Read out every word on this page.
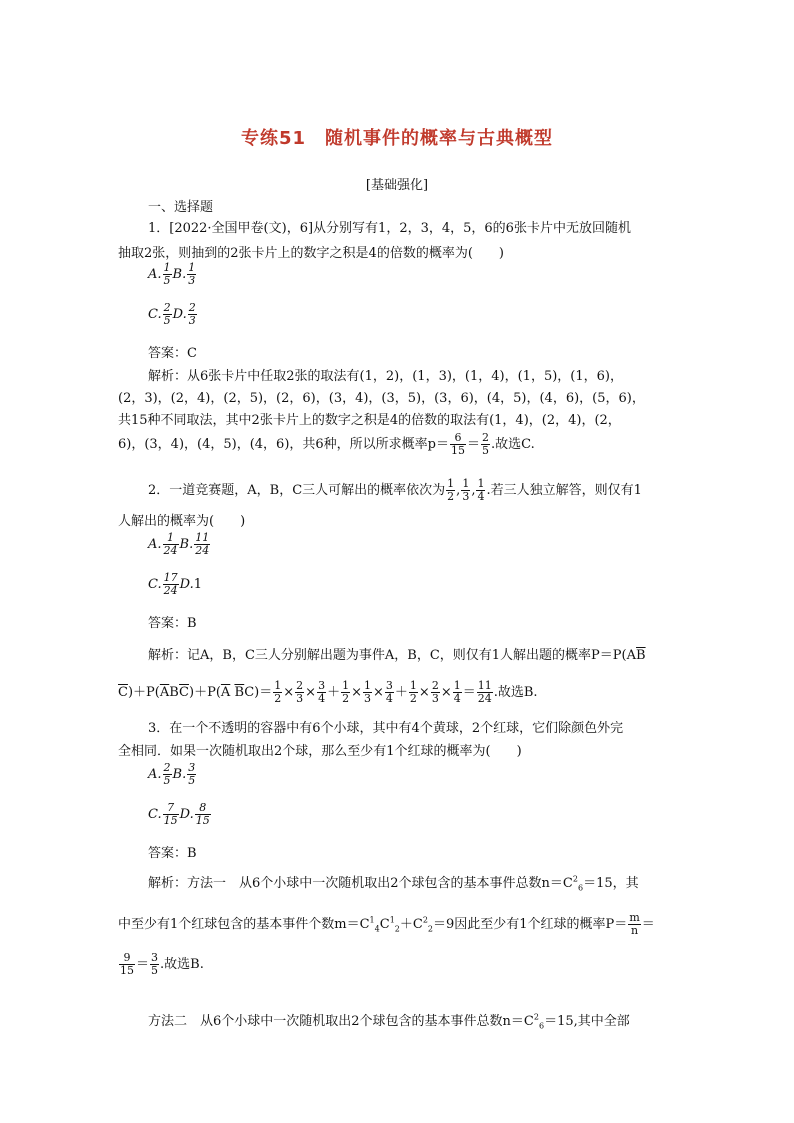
专练51　随机事件的概率与古典概型
[基础强化]
一、选择题
1．[2022·全国甲卷(文)，6]从分别写有1，2，3，4，5，6的6张卡片中无放回随机
抽取2张，则抽到的2张卡片上的数字之积是4的倍数的概率为(　　)
A. $\frac{1}{5} B$. $\frac{1}{3}$
C. $\frac{2}{5} D$. $\frac{2}{3}$
答案：C
解析：从6张卡片中任取2张的取法有(1，2)，(1，3)，(1，4)，(1，5)，(1，6)，
(2，3)，(2，4)，(2，5)，(2，6)，(3，4)，(3，5)，(3，6)，(4，5)，(4，6)，(5，6)，
共15种不同取法，其中2张卡片上的数字之积是4的倍数的取法有(1，4)，(2，4)，(2，
6)，(3，4)，(4，5)，(4，6)，共6种，所以所求概率$p= \frac{6}{15} = \frac{2}{5}$ .故选C.
2．一道竞赛题，A，B，C三人可解出的概率依次为 $\frac{1}{2}$ , $\frac{1}{3}$ , $\frac{1}{4}$ .若三人独立解答，则仅有1
人解出的概率为(　　)
A. $\frac{1}{24} B$. $\frac{11}{24}$
C. $\frac{17}{24} D.1$
答案：B
解析：记A，B，C三人分别解出题为事件A，B，C，则仅有1人解出题的概率$P=P(A\overline{B}$
$\overline{C})+P(\overline{A}B\overline{C})+P(\overline{A}$ $\overline{B}C)= \frac{1}{2} \times \frac{2}{3} \times \frac{3}{4} + \frac{1}{2} \times \frac{1}{3} \times \frac{3}{4} + \frac{1}{2} \times \frac{2}{3} \times \frac{1}{4} = \frac{11}{24}$ .故选B.
3．在一个不透明的容器中有6个小球，其中有4个黄球，2个红球，它们除颜色外完
全相同．如果一次随机取出2个球，那么至少有1个红球的概率为(　　)
A. $\frac{2}{5} B$. $\frac{3}{5}$
C. $\frac{7}{15} D$. $\frac{8}{15}$
答案：B
解析：方法一　从6个小球中一次随机取出2个球包含的基本事件总数$n=C^2_6=15$，其
中至少有1个红球包含的基本事件个数$m=C^1_4C^1_2+C^2_2=9$因此至少有1个红球的概率$P= \frac{m}{n}$ ＝
$\frac{9}{15} = \frac{3}{5}$ .故选B.
方法二　从6个小球中一次随机取出2个球包含的基本事件总数$n=C^2_6=15$,其中全部
